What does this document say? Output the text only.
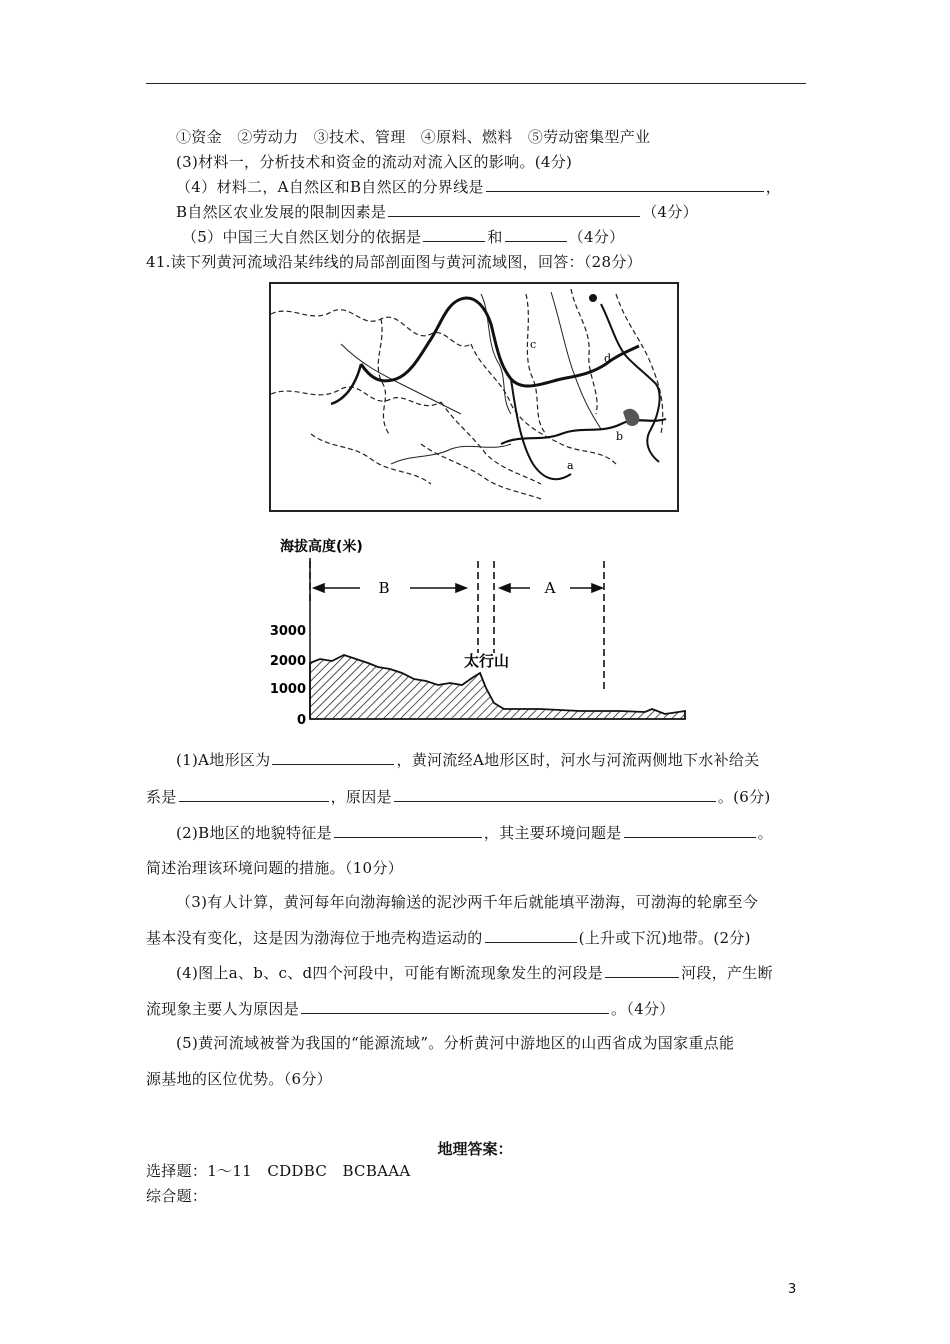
①资金　②劳动力　③技术、管理　④原料、燃料　⑤劳动密集型产业
(3)材料一，分析技术和资金的流动对流入区的影响。(4分)
（4）材料二，A自然区和B自然区的分界线是	，
B自然区农业发展的限制因素是	（4分）
（5）中国三大自然区划分的依据是	和	（4分）
41.读下列黄河流域沿某纬线的局部剖面图与黄河流域图，回答：（28分）
c
d
b
a
海拔高度(米)
3000
2000
1000
0
B	A
太行山
(1)A地形区为	，黄河流经A地形区时，河水与河流两侧地下水补给关
系是	，原因是	。(6分)
(2)B地区的地貌特征是	，其主要环境问题是	。
简述治理该环境问题的措施。（10分）
（3)有人计算，黄河每年向渤海输送的泥沙两千年后就能填平渤海，可渤海的轮廓至今
基本没有变化，这是因为渤海位于地壳构造运动的	(上升或下沉)地带。(2分)
(4)图上a、b、c、d四个河段中，可能有断流现象发生的河段是	河段，产生断
流现象主要人为原因是	。（4分）
(5)黄河流域被誉为我国的“能源流域”。分析黄河中游地区的山西省成为国家重点能
源基地的区位优势。（6分）
地理答案：
选择题：1～11　CDDBC　BCBAAA
综合题：
3
